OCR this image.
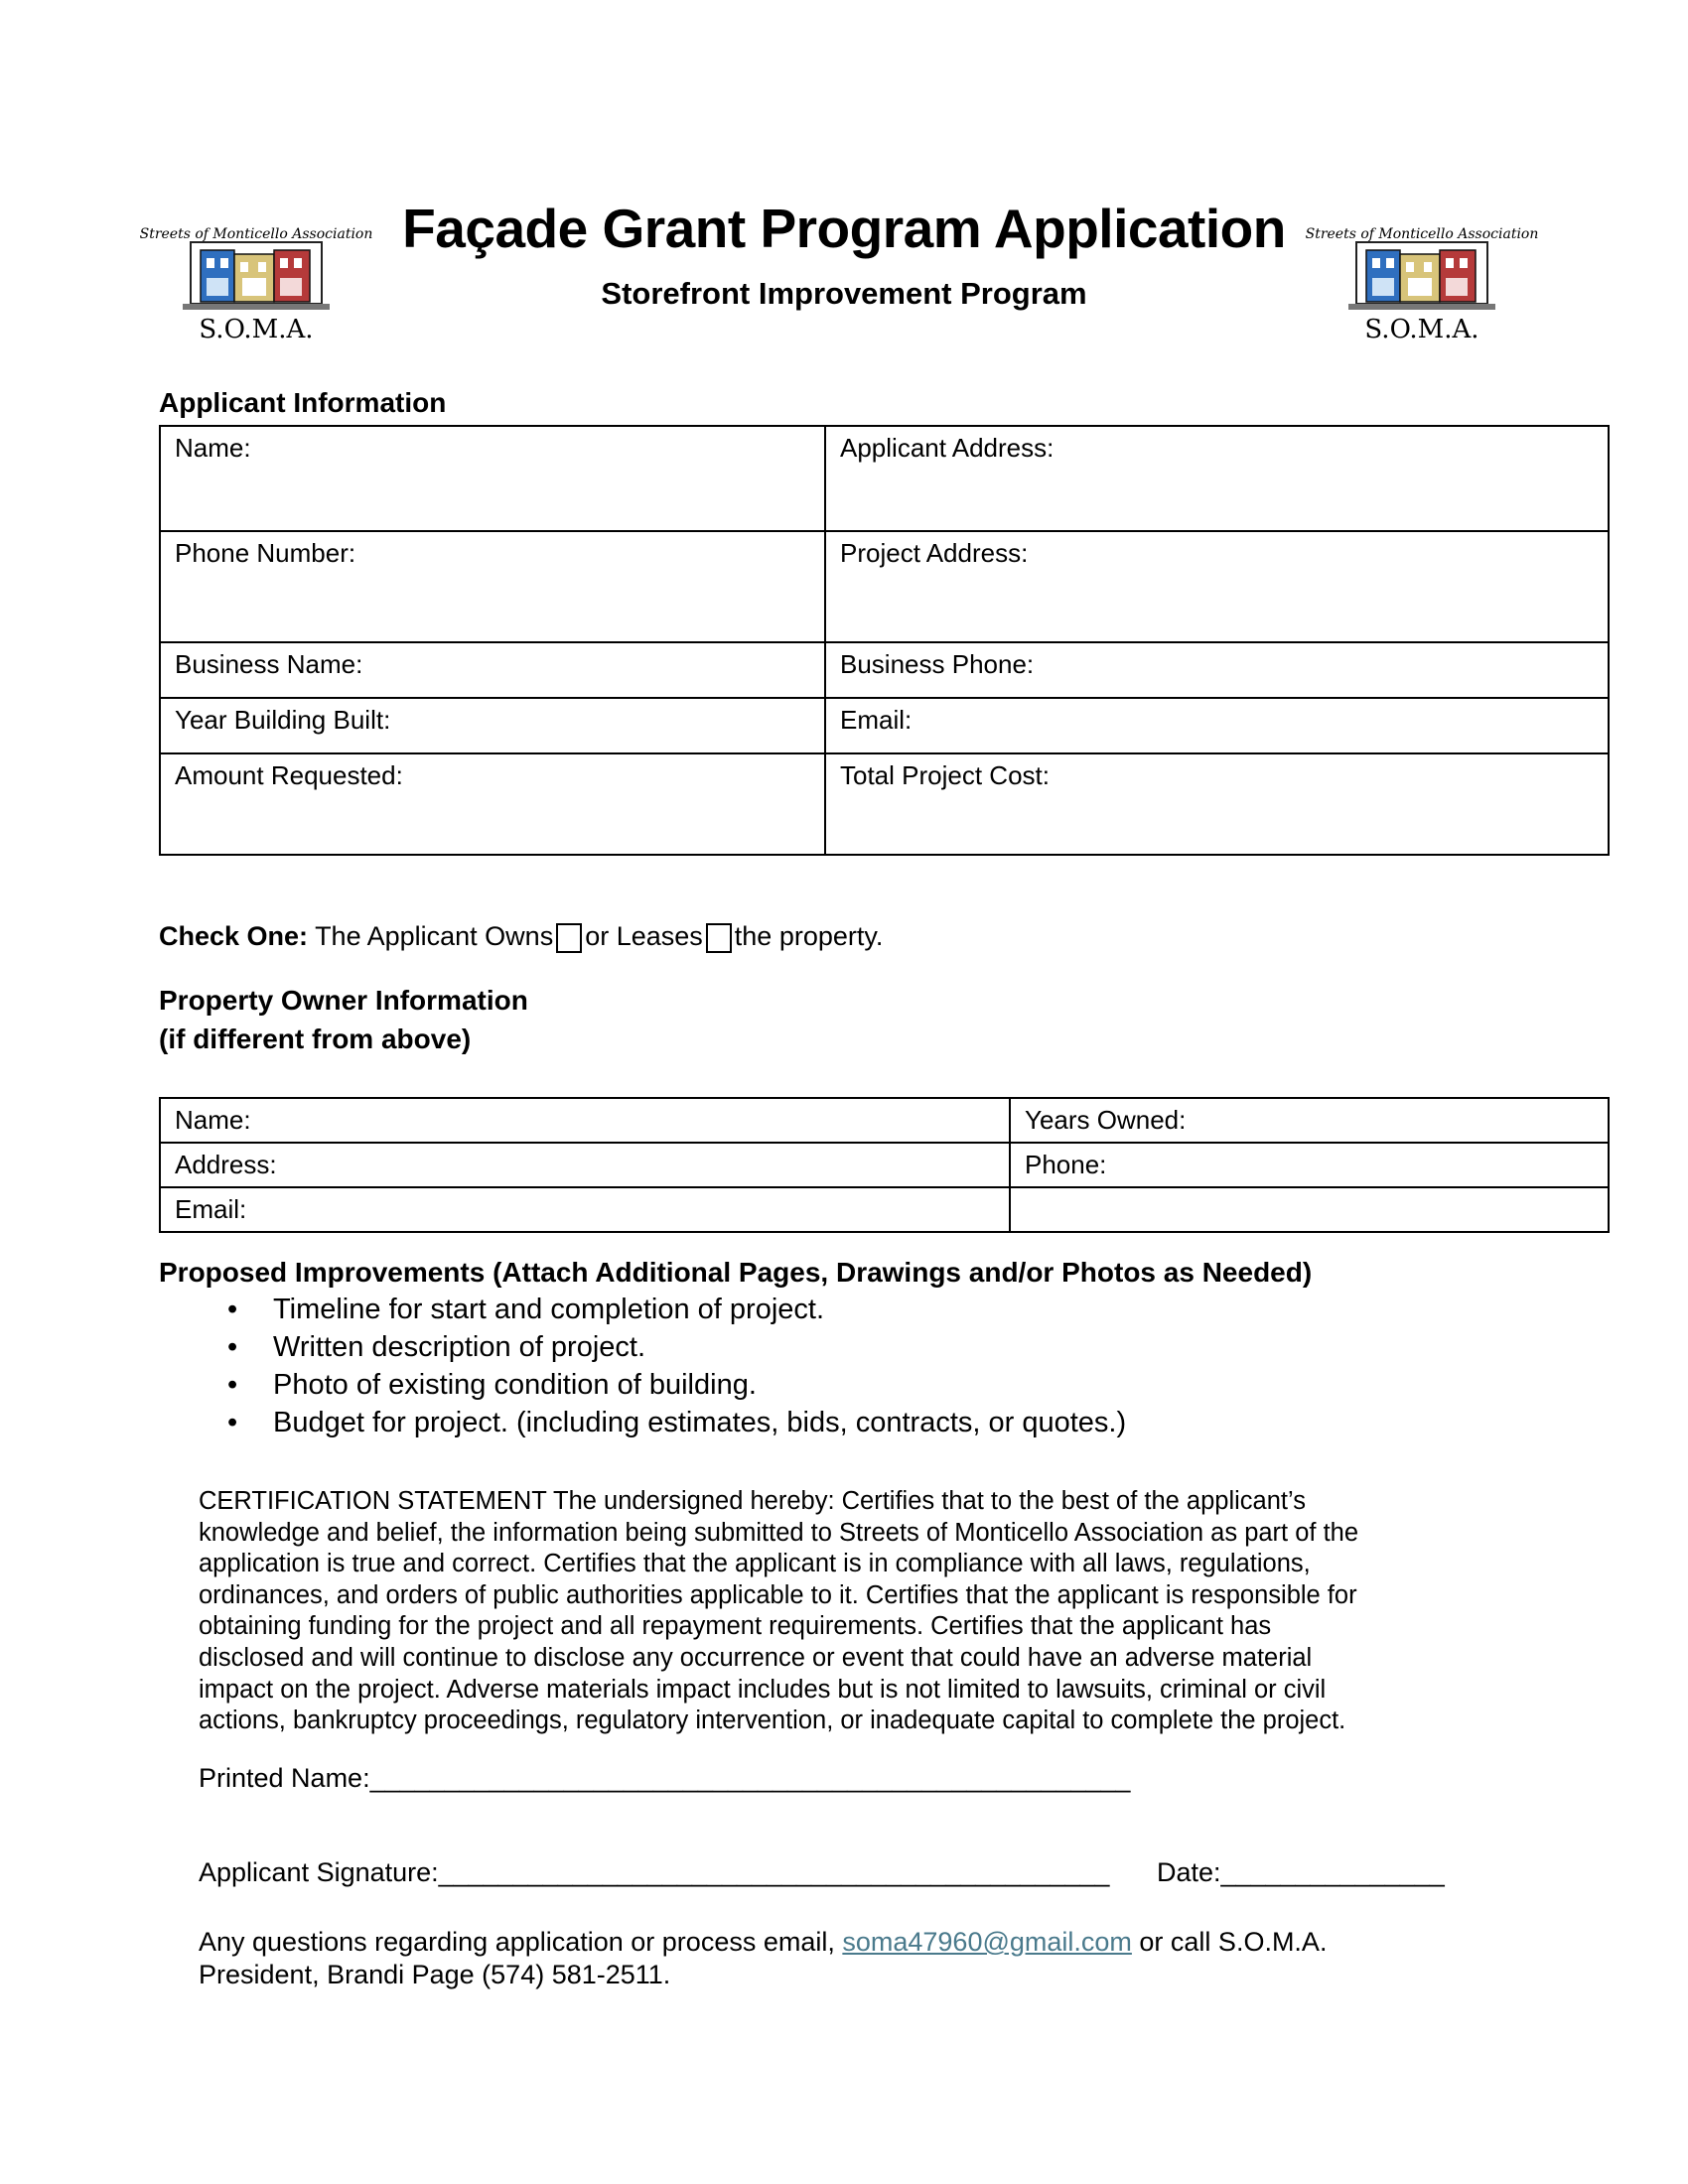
Streets of Monticello Association
S.O.M.A.
Streets of Monticello Association
S.O.M.A.
Façade Grant Program Application
Storefront Improvement Program
Applicant Information
Name:	Applicant Address:
Phone Number:	Project Address:
Business Name:	Business Phone:
Year Building Built:	Email:
Amount Requested:	Total Project Cost:
Check One: The Applicant Owns or Leases the property.
Property Owner Information
(if different from above)
Name:	Years Owned:
Address:	Phone:
Email:	
Proposed Improvements (Attach Additional Pages, Drawings and/or Photos as Needed)
• Timeline for start and completion of project.
• Written description of project.
• Photo of existing condition of building.
• Budget for project. (including estimates, bids, contracts, or quotes.)
CERTIFICATION STATEMENT The undersigned hereby: Certifies that to the best of the applicant’s
knowledge and belief, the information being submitted to Streets of Monticello Association as part of the
application is true and correct. Certifies that the applicant is in compliance with all laws, regulations,
ordinances, and orders of public authorities applicable to it. Certifies that the applicant is responsible for
obtaining funding for the project and all repayment requirements. Certifies that the applicant has
disclosed and will continue to disclose any occurrence or event that could have an adverse material
impact on the project. Adverse materials impact includes but is not limited to lawsuits, criminal or civil
actions, bankruptcy proceedings, regulatory intervention, or inadequate capital to complete the project.
Printed Name:___________________________________________________
Applicant Signature:_____________________________________________ Date:_______________
Any questions regarding application or process email, soma47960@gmail.com or call S.O.M.A.
President, Brandi Page (574) 581-2511.
